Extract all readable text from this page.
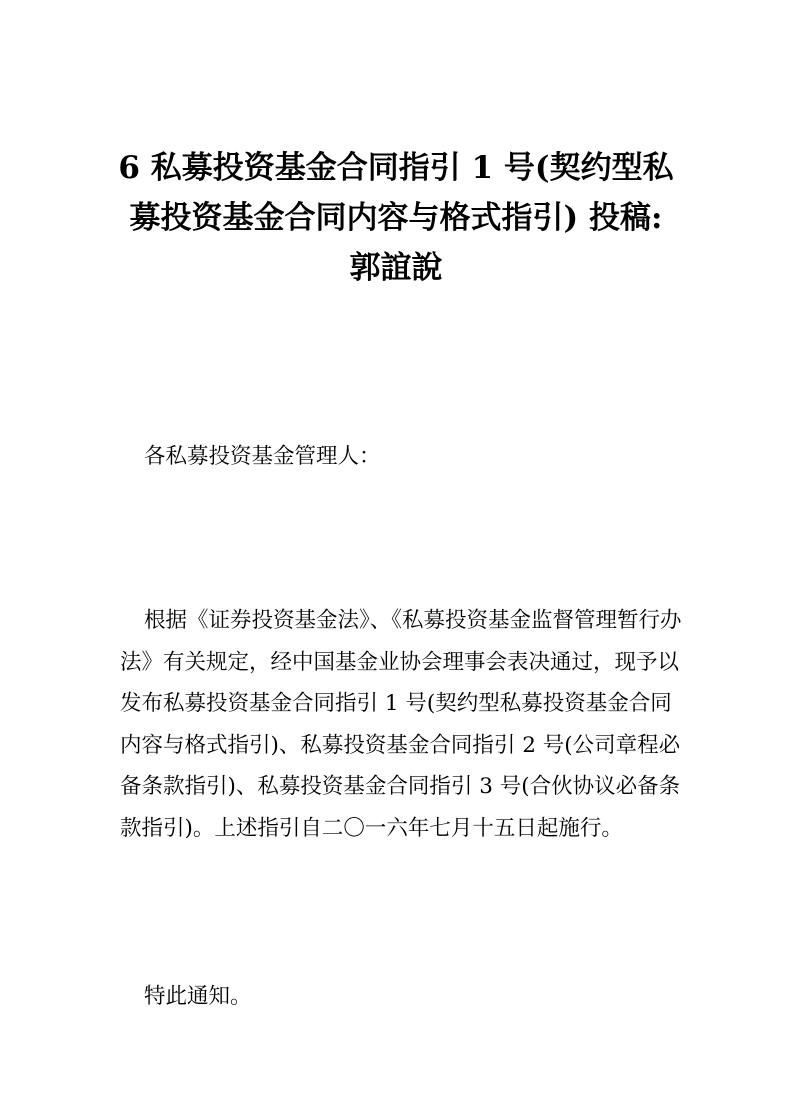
6 私募投资基金合同指引 1 号(契约型私
募投资基金合同内容与格式指引) 投稿:
郭誼說

各私募投资基金管理人：

根据《证券投资基金法》、《私募投资基金监督管理暂行办
法》有关规定，经中国基金业协会理事会表决通过，现予以
发布私募投资基金合同指引 1 号(契约型私募投资基金合同
内容与格式指引)、私募投资基金合同指引 2 号(公司章程必
备条款指引)、私募投资基金合同指引 3 号(合伙协议必备条
款指引)。上述指引自二〇一六年七月十五日起施行。

特此通知。
